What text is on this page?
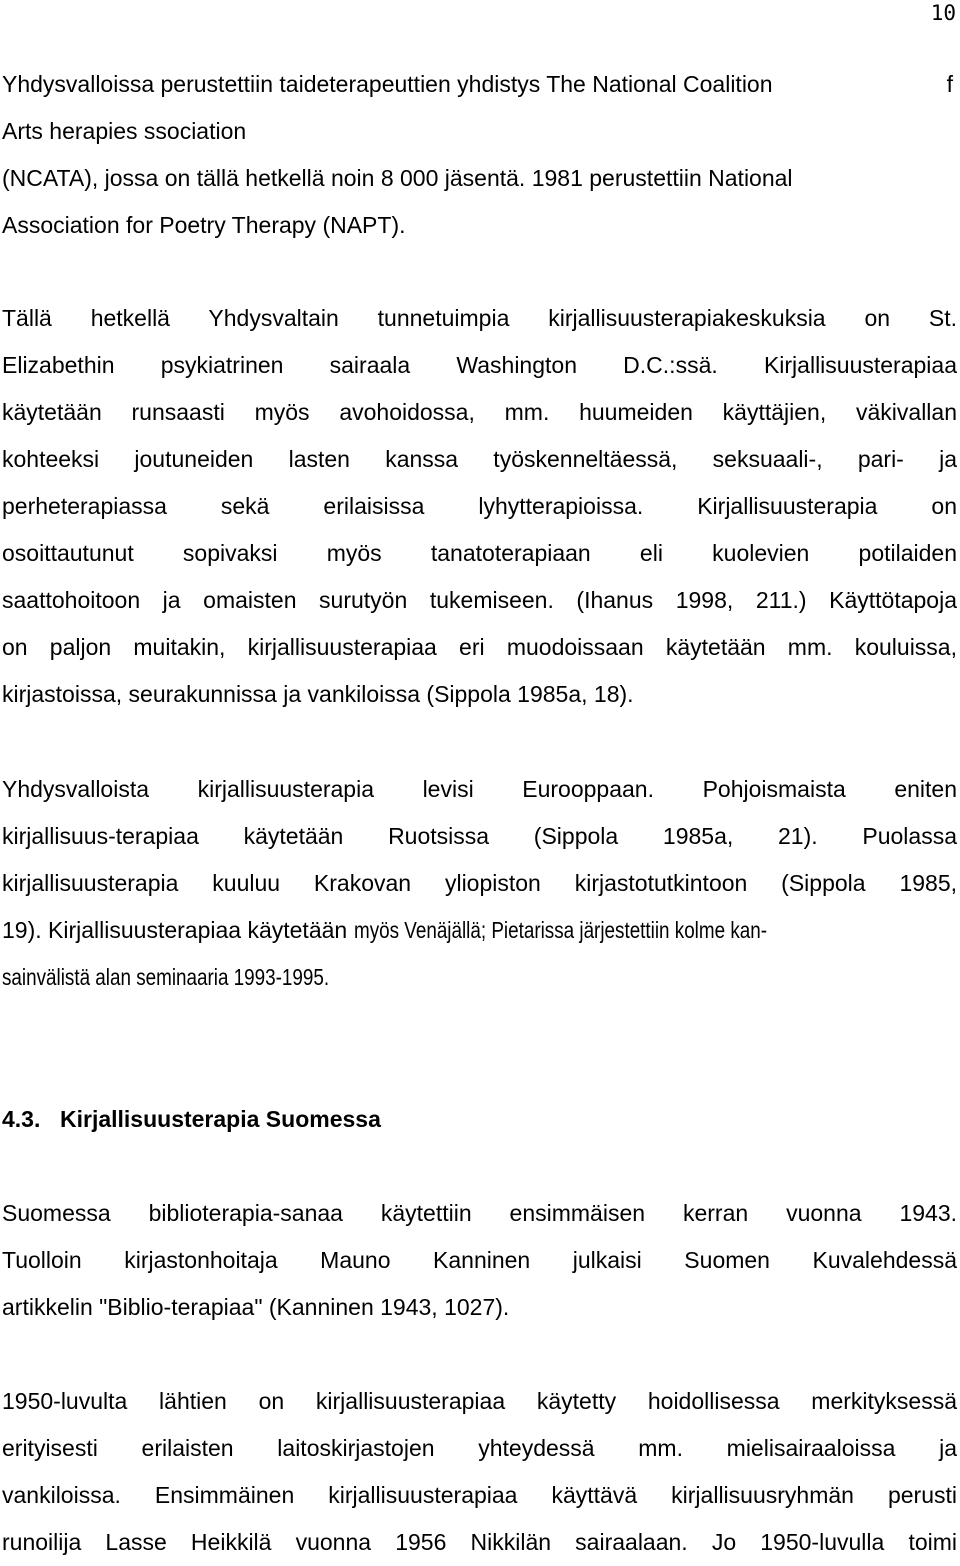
10
Yhdysvalloissa perustettiin taideterapeuttien yhdistys The National Coalition	f
Arts herapies ssociation
(NCATA), jossa on tällä hetkellä noin 8 000 jäsentä. 1981 perustettiin National
Association for Poetry Therapy (NAPT).
Tällä hetkellä Yhdysvaltain tunnetuimpia kirjallisuusterapiakeskuksia on St.
Elizabethin psykiatrinen sairaala Washington D.C.:ssä. Kirjallisuusterapiaa
käytetään runsaasti myös avohoidossa, mm. huumeiden käyttäjien, väkivallan
kohteeksi joutuneiden lasten kanssa työskenneltäessä, seksuaali-, pari- ja
perheterapiassa sekä erilaisissa lyhytterapioissa. Kirjallisuusterapia on
osoittautunut sopivaksi myös tanatoterapiaan eli kuolevien potilaiden
saattohoitoon ja omaisten surutyön tukemiseen. (Ihanus 1998, 211.) Käyttötapoja
on paljon muitakin, kirjallisuusterapiaa eri muodoissaan käytetään mm. kouluissa,
kirjastoissa, seurakunnissa ja vankiloissa (Sippola 1985a, 18).
Yhdysvalloista kirjallisuusterapia levisi Eurooppaan. Pohjoismaista eniten
kirjallisuus-terapiaa käytetään Ruotsissa (Sippola 1985a, 21). Puolassa
kirjallisuusterapia kuuluu Krakovan yliopiston kirjastotutkintoon (Sippola 1985,
19). Kirjallisuusterapiaa käytetään myös Venäjällä; Pietarissa järjestettiin kolme kan-
sainvälistä alan seminaaria 1993-1995.
4.3. Kirjallisuusterapia Suomessa
Suomessa biblioterapia-sanaa käytettiin ensimmäisen kerran vuonna 1943.
Tuolloin kirjastonhoitaja Mauno Kanninen julkaisi Suomen Kuvalehdessä
artikkelin "Biblio-terapiaa" (Kanninen 1943, 1027).
1950-luvulta lähtien on kirjallisuusterapiaa käytetty hoidollisessa merkityksessä
erityisesti erilaisten laitoskirjastojen yhteydessä mm. mielisairaaloissa ja
vankiloissa. Ensimmäinen kirjallisuusterapiaa käyttävä kirjallisuusryhmän perusti
runoilija Lasse Heikkilä vuonna 1956 Nikkilän sairaalaan. Jo 1950-luvulla toimi
